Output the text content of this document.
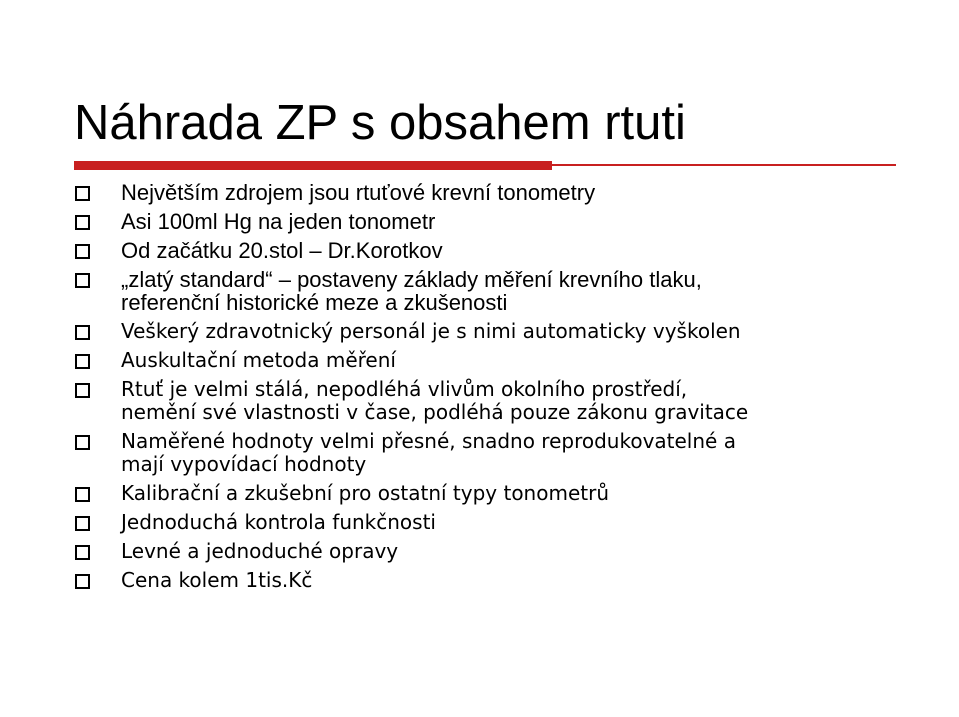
Náhrada ZP s obsahem rtuti
Největším zdrojem jsou rtuťové krevní tonometry
Asi 100ml Hg na jeden tonometr
Od začátku 20.stol – Dr.Korotkov
„zlatý standard“ – postaveny základy měření krevního tlaku,
referenční historické meze a zkušenosti
Veškerý zdravotnický personál je s nimi automaticky vyškolen
Auskultační metoda měření
Rtuť je velmi stálá, nepodléhá vlivům okolního prostředí,
nemění své vlastnosti v čase, podléhá pouze zákonu gravitace
Naměřené hodnoty velmi přesné, snadno reprodukovatelné a
mají vypovídací hodnoty
Kalibrační a zkušební pro ostatní typy tonometrů
Jednoduchá kontrola funkčnosti
Levné a jednoduché opravy
Cena kolem 1tis.Kč
